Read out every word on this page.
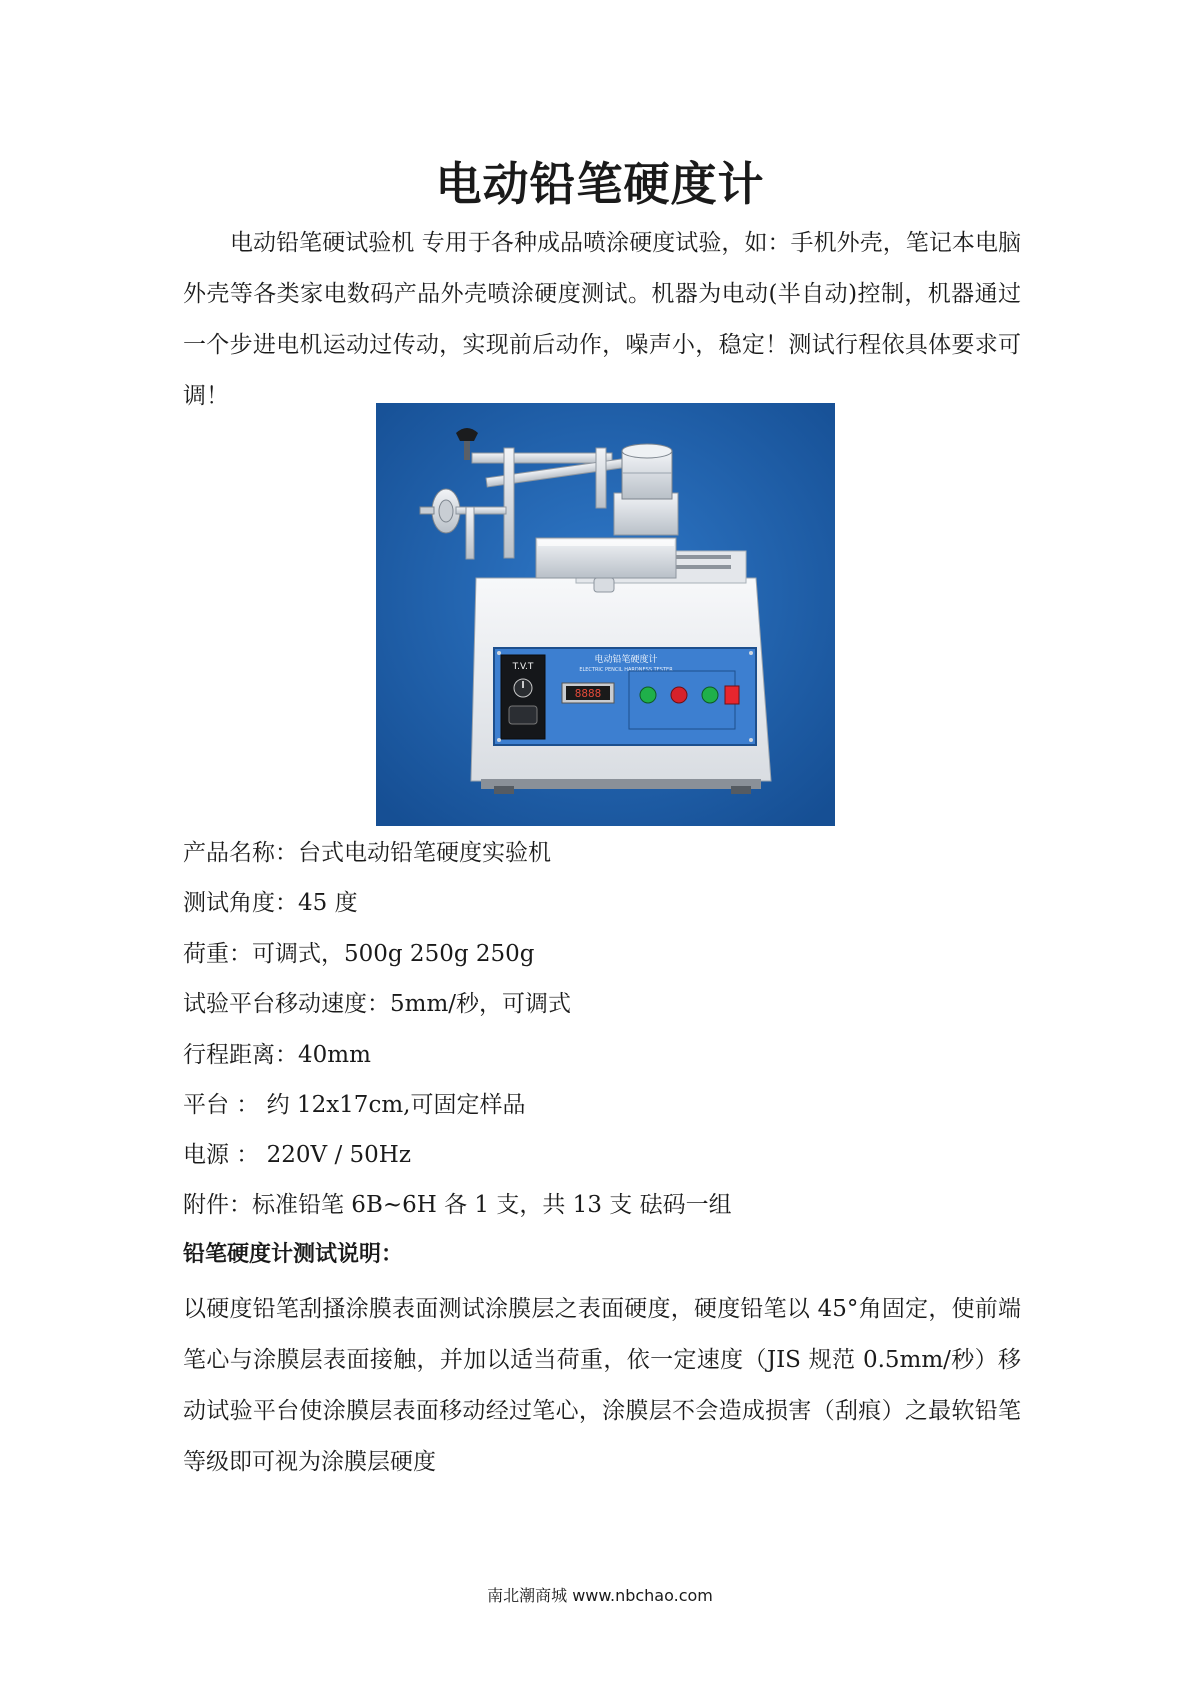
电动铅笔硬度计

电动铅笔硬试验机 专用于各种成品喷涂硬度试验，如：手机外壳，笔记本电脑外壳等各类家电数码产品外壳喷涂硬度测试。机器为电动(半自动)控制，机器通过一个步进电机运动过传动，实现前后动作，噪声小，稳定！测试行程依具体要求可调！

电动铅笔硬度计
ELECTRIC PENCIL HARDNESS TESTER
T.V.T
8888

产品名称：台式电动铅笔硬度实验机

测试角度：45 度

荷重：可调式，500g 250g 250g

试验平台移动速度：5mm/秒，可调式

行程距离：40mm

平台 ： 约 12x17cm,可固定样品

电源 ： 220V / 50Hz

附件：标准铅笔 6B~6H 各 1 支，共 13 支 砝码一组

铅笔硬度计测试说明：

以硬度铅笔刮搔涂膜表面测试涂膜层之表面硬度，硬度铅笔以 45°角固定，使前端笔心与涂膜层表面接触，并加以适当荷重，依一定速度（JIS 规范 0.5mm/秒）移动试验平台使涂膜层表面移动经过笔心，涂膜层不会造成损害（刮痕）之最软铅笔等级即可视为涂膜层硬度

南北潮商城 www.nbchao.com
